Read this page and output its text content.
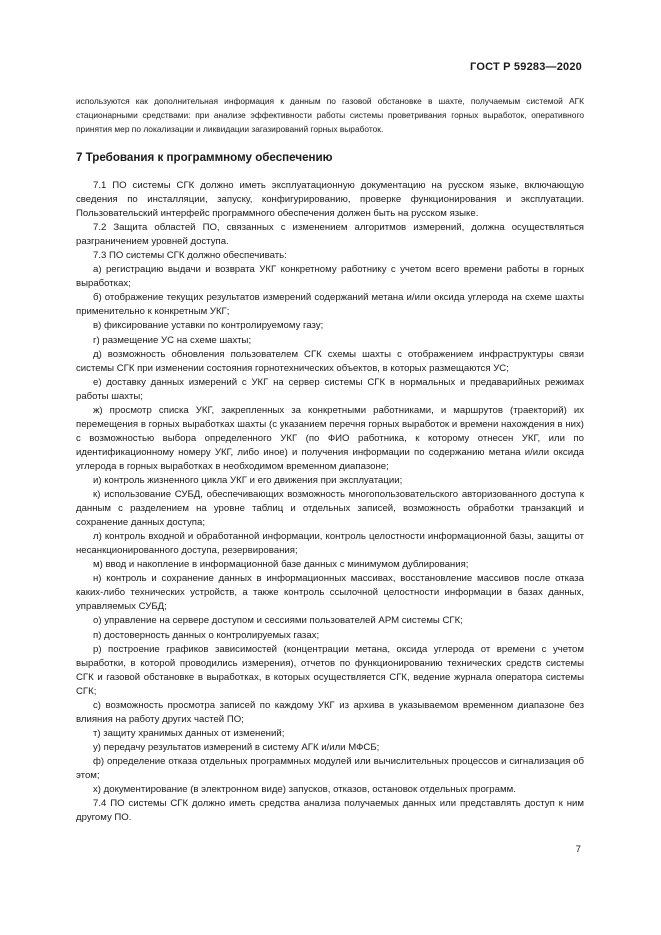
ГОСТ Р 59283—2020
используются как дополнительная информация к данным по газовой обстановке в шахте, получаемым системой АГК стационарными средствами: при анализе эффективности работы системы проветривания горных выработок, оперативного принятия мер по локализации и ликвидации загазирований горных выработок.
7 Требования к программному обеспечению

7.1 ПО системы СГК должно иметь эксплуатационную документацию на русском языке, включающую сведения по инсталляции, запуску, конфигурированию, проверке функционирования и эксплуатации. Пользовательский интерфейс программного обеспечения должен быть на русском языке.

7.2 Защита областей ПО, связанных с изменением алгоритмов измерений, должна осуществляться разграничением уровней доступа.

7.3 ПО системы СГК должно обеспечивать:

а) регистрацию выдачи и возврата УКГ конкретному работнику с учетом всего времени работы в горных выработках;

б) отображение текущих результатов измерений содержаний метана и/или оксида углерода на схеме шахты применительно к конкретным УКГ;

в) фиксирование уставки по контролируемому газу;

г) размещение УС на схеме шахты;

д) возможность обновления пользователем СГК схемы шахты с отображением инфраструктуры связи системы СГК при изменении состояния горнотехнических объектов, в которых размещаются УС;

е) доставку данных измерений с УКГ на сервер системы СГК в нормальных и предаварийных режимах работы шахты;

ж) просмотр списка УКГ, закрепленных за конкретными работниками, и маршрутов (траекторий) их перемещения в горных выработках шахты (с указанием перечня горных выработок и времени нахождения в них) с возможностью выбора определенного УКГ (по ФИО работника, к которому отнесен УКГ, или по идентификационному номеру УКГ, либо иное) и получения информации по содержанию метана и/или оксида углерода в горных выработках в необходимом временном диапазоне;

и) контроль жизненного цикла УКГ и его движения при эксплуатации;

к) использование СУБД, обеспечивающих возможность многопользовательского авторизованного доступа к данным с разделением на уровне таблиц и отдельных записей, возможность обработки транзакций и сохранение данных доступа;

л) контроль входной и обработанной информации, контроль целостности информационной базы, защиты от несанкционированного доступа, резервирования;

м) ввод и накопление в информационной базе данных с минимумом дублирования;

н) контроль и сохранение данных в информационных массивах, восстановление массивов после отказа каких-либо технических устройств, а также контроль ссылочной целостности информации в базах данных, управляемых СУБД;

о) управление на сервере доступом и сессиями пользователей АРМ системы СГК;

п) достоверность данных о контролируемых газах;

р) построение графиков зависимостей (концентрации метана, оксида углерода от времени с учетом выработки, в которой проводились измерения), отчетов по функционированию технических средств системы СГК и газовой обстановке в выработках, в которых осуществляется СГК, ведение журнала оператора системы СГК;

с) возможность просмотра записей по каждому УКГ из архива в указываемом временном диапазоне без влияния на работу других частей ПО;

т) защиту хранимых данных от изменений;

у) передачу результатов измерений в систему АГК и/или МФСБ;

ф) определение отказа отдельных программных модулей или вычислительных процессов и сигнализация об этом;

х) документирование (в электронном виде) запусков, отказов, остановок отдельных программ.

7.4 ПО системы СГК должно иметь средства анализа получаемых данных или представлять доступ к ним другому ПО.

7
